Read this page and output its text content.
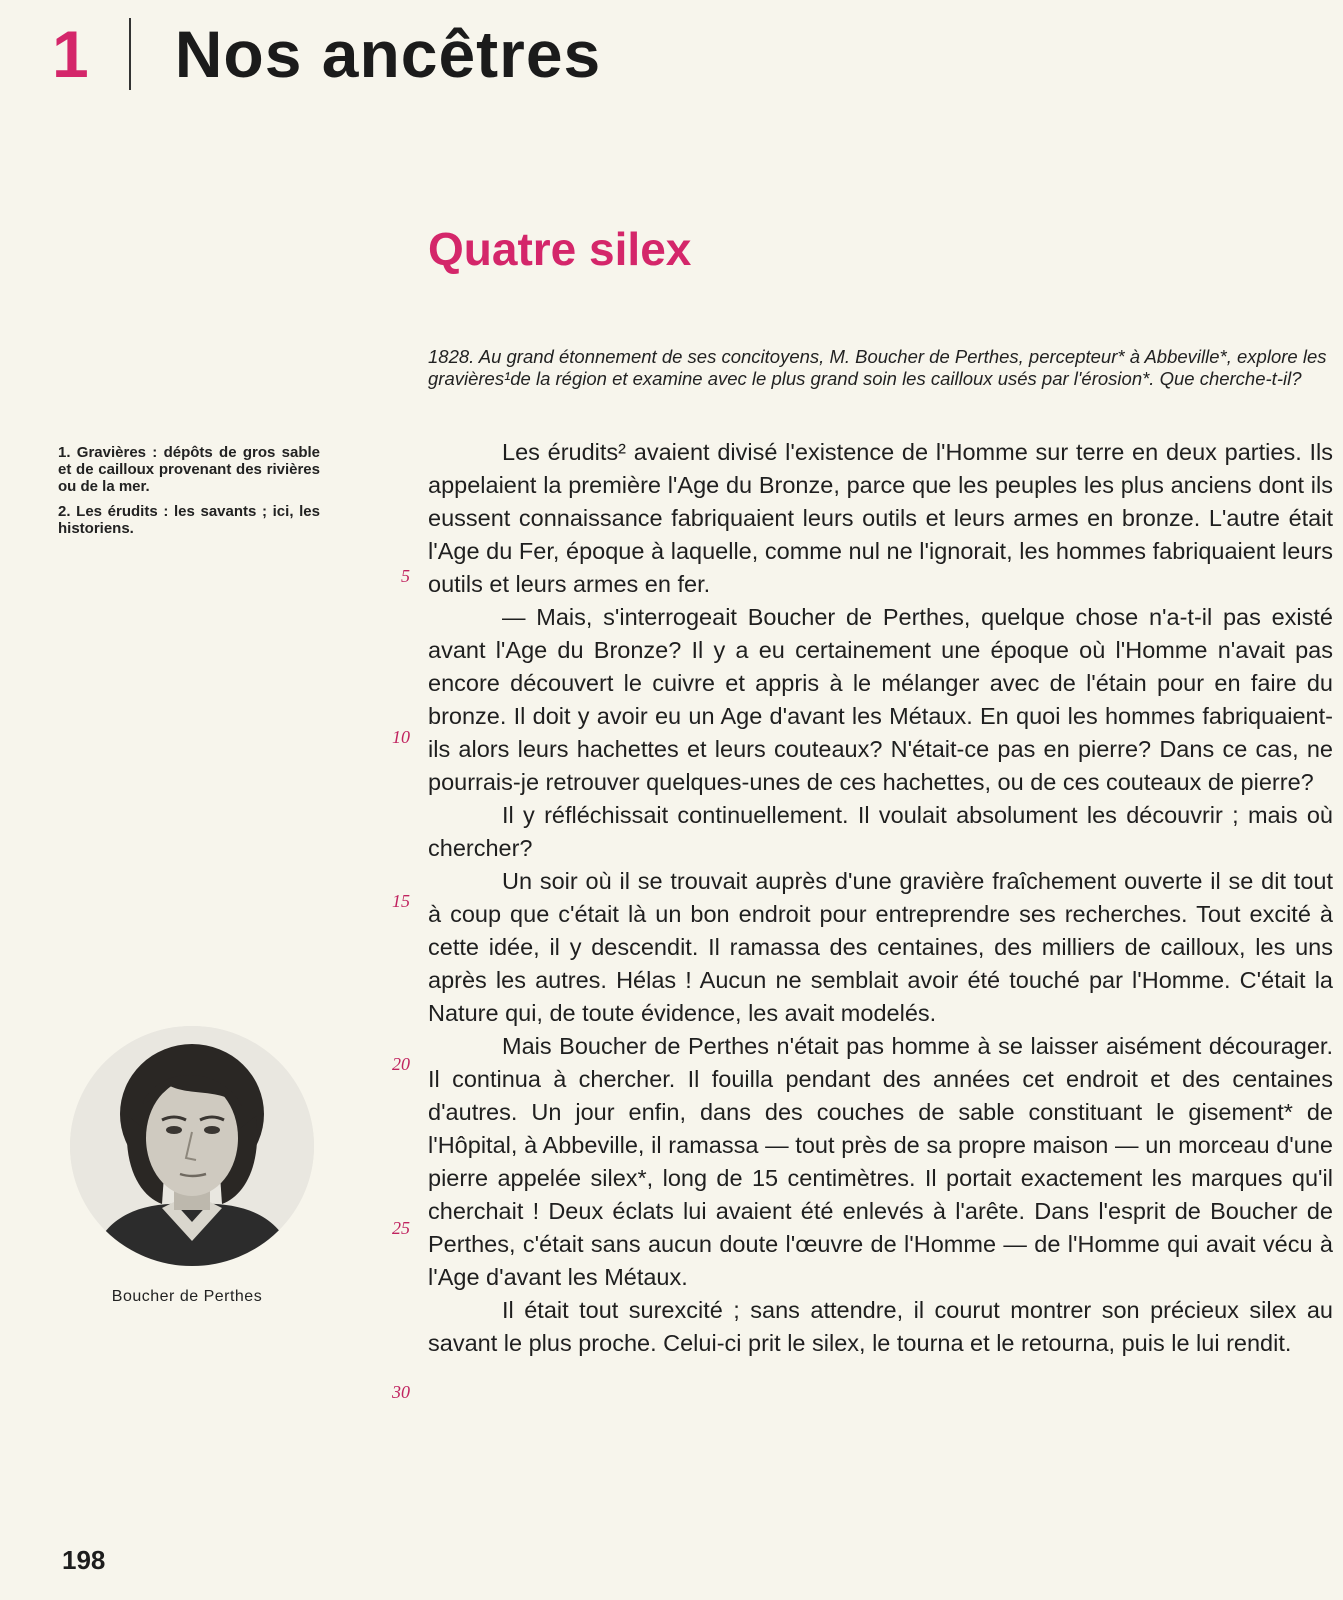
1 Nos ancêtres
Quatre silex
1828. Au grand étonnement de ses concitoyens, M. Boucher de Perthes, percepteur* à Abbeville*, explore les gravières¹de la région et examine avec le plus grand soin les cailloux usés par l'érosion*. Que cherche-t-il?

1. Gravières : dépôts de gros sable et de cailloux provenant des rivières ou de la mer.

2. Les érudits : les savants ; ici, les historiens.

Boucher de Perthes
5
10
15
20
25
30

Les érudits² avaient divisé l'existence de l'Homme sur terre en deux parties. Ils appelaient la première l'Age du Bronze, parce que les peuples les plus anciens dont ils eussent connaissance fabriquaient leurs outils et leurs armes en bronze. L'autre était l'Age du Fer, époque à laquelle, comme nul ne l'ignorait, les hommes fabriquaient leurs outils et leurs armes en fer.

— Mais, s'interrogeait Boucher de Perthes, quelque chose n'a-t-il pas existé avant l'Age du Bronze? Il y a eu certainement une époque où l'Homme n'avait pas encore découvert le cuivre et appris à le mélanger avec de l'étain pour en faire du bronze. Il doit y avoir eu un Age d'avant les Métaux. En quoi les hommes fabriquaient-ils alors leurs hachettes et leurs couteaux? N'était-ce pas en pierre? Dans ce cas, ne pourrais-je retrouver quelques-unes de ces hachettes, ou de ces couteaux de pierre?

Il y réfléchissait continuellement. Il voulait absolument les découvrir ; mais où chercher?

Un soir où il se trouvait auprès d'une gravière fraîchement ouverte il se dit tout à coup que c'était là un bon endroit pour entreprendre ses recherches. Tout excité à cette idée, il y descendit. Il ramassa des centaines, des milliers de cailloux, les uns après les autres. Hélas ! Aucun ne semblait avoir été touché par l'Homme. C'était la Nature qui, de toute évidence, les avait modelés.

Mais Boucher de Perthes n'était pas homme à se laisser aisément décourager. Il continua à chercher. Il fouilla pendant des années cet endroit et des centaines d'autres. Un jour enfin, dans des couches de sable constituant le gisement* de l'Hôpital, à Abbeville, il ramassa — tout près de sa propre maison — un morceau d'une pierre appelée silex*, long de 15 centimètres. Il portait exactement les marques qu'il cherchait ! Deux éclats lui avaient été enlevés à l'arête. Dans l'esprit de Boucher de Perthes, c'était sans aucun doute l'œuvre de l'Homme — de l'Homme qui avait vécu à l'Age d'avant les Métaux.

Il était tout surexcité ; sans attendre, il courut montrer son précieux silex au savant le plus proche. Celui-ci prit le silex, le tourna et le retourna, puis le lui rendit.

198
